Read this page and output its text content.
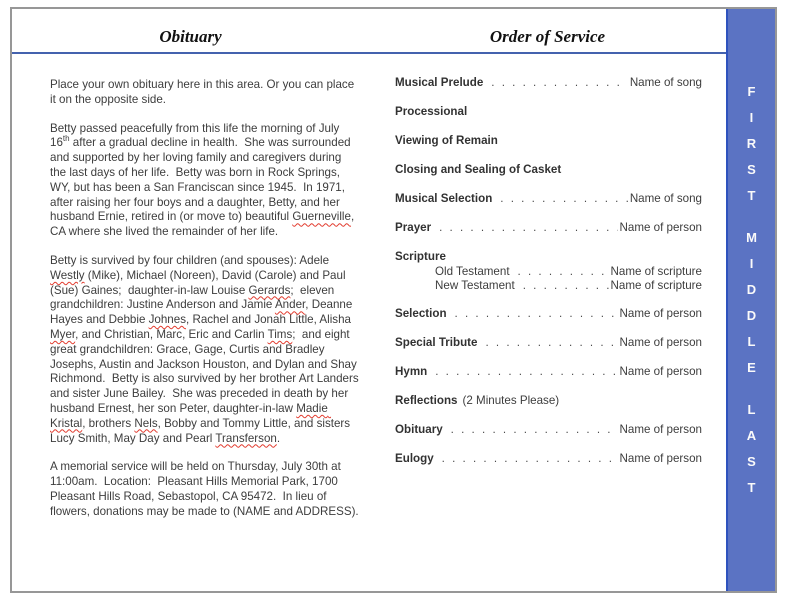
Obituary	Order of Service

Place your own obituary here in this area. Or you can place it on the opposite side.

Betty passed peacefully from this life the morning of July 16th after a gradual decline in health.  She was surrounded and supported by her loving family and caregivers during the last days of her life.  Betty was born in Rock Springs, WY, but has been a San Franciscan since 1945.  In 1971, after raising her four boys and a daughter, Betty, and her husband Ernie, retired in (or move to) beautiful Guerneville, CA where she lived the remainder of her life.

Betty is survived by four children (and spouses): Adele Westly (Mike), Michael (Noreen), David (Carole) and Paul (Sue) Gaines;  daughter-in-law Louise Gerards;  eleven grandchildren: Justine Anderson and Jamie Ander, Deanne Hayes and Debbie Johnes, Rachel and Jonah Little, Alisha Myer, and Christian, Marc, Eric and Carlin Tims;  and eight great grandchildren: Grace, Gage, Curtis and Bradley Josephs, Austin and Jackson Houston, and Dylan and Shay Richmond.  Betty is also survived by her brother Art Landers and sister June Bailey.  She was preceded in death by her husband Ernest, her son Peter, daughter-in-law Madie Kristal, brothers Nels, Bobby and Tommy Little, and sisters Lucy Smith, May Day and Pearl Transferson.

A memorial service will be held on Thursday, July 30th at 11:00am.  Location:  Pleasant Hills Memorial Park, 1700 Pleasant Hills Road, Sebastopol, CA 95472.  In lieu of flowers, donations may be made to (NAME and ADDRESS).

Musical Prelude . . .	Name of song
Processional
Viewing of Remain
Closing and Sealing of Casket
Musical Selection . . .	Name of song
Prayer . . .	Name of person
Scripture
Old Testament . . .	Name of scripture
New Testament . . .	Name of scripture
Selection . . .	Name of person
Special Tribute . . .	Name of person
Hymn . . .	Name of person
Reflections (2 Minutes Please)
Obituary . . .	Name of person
Eulogy . . .	Name of person
F
I
R
S
T
M
I
D
D
L
E
L
A
S
T
